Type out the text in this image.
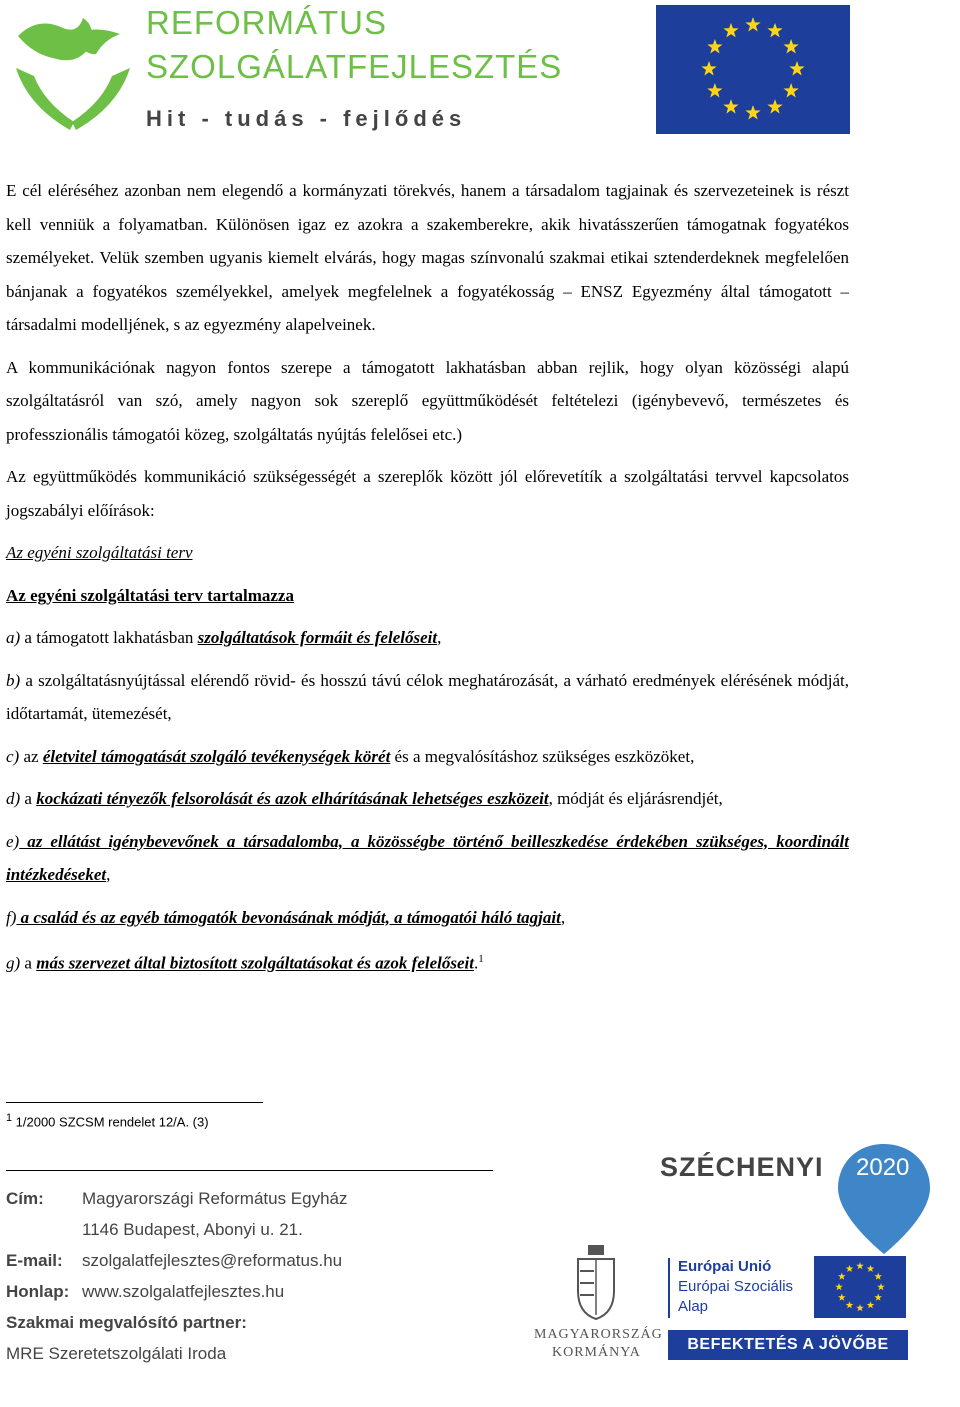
REFORMÁTUS
SZOLGÁLATFEJLESZTÉS
Hit - tudás - fejlődés

E cél eléréséhez azonban nem elegendő a kormányzati törekvés, hanem a társadalom tagjainak és szervezeteinek is részt kell venniük a folyamatban. Különösen igaz ez azokra a szakemberekre, akik hivatásszerűen támogatnak fogyatékos személyeket. Velük szemben ugyanis kiemelt elvárás, hogy magas színvonalú szakmai etikai sztenderdeknek megfelelően bánjanak a fogyatékos személyekkel, amelyek megfelelnek a fogyatékosság – ENSZ Egyezmény által támogatott – társadalmi modelljének, s az egyezmény alapelveinek.

A kommunikációnak nagyon fontos szerepe a támogatott lakhatásban abban rejlik, hogy olyan közösségi alapú szolgáltatásról van szó, amely nagyon sok szereplő együttműködését feltételezi (igénybevevő, természetes és professzionális támogatói közeg, szolgáltatás nyújtás felelősei etc.)

Az együttműködés kommunikáció szükségességét a szereplők között jól előrevetítík a szolgáltatási tervvel kapcsolatos jogszabályi előírások:

Az egyéni szolgáltatási terv

Az egyéni szolgáltatási terv tartalmazza

a) a támogatott lakhatásban szolgáltatások formáit és felelőseit,

b) a szolgáltatásnyújtással elérendő rövid- és hosszú távú célok meghatározását, a várható eredmények elérésének módját, időtartamát, ütemezését,

c) az életvitel támogatását szolgáló tevékenységek körét és a megvalósításhoz szükséges eszközöket,

d) a kockázati tényezők felsorolását és azok elhárításának lehetséges eszközeit, módját és eljárásrendjét,

e) az ellátást igénybevevőnek a társadalomba, a közösségbe történő beilleszkedése érdekében szükséges, koordinált intézkedéseket,

f) a család és az egyéb támogatók bevonásának módját, a támogatói háló tagjait,

g) a más szervezet által biztosított szolgáltatásokat és azok felelőseit.$^1$

$^1$ 1/2000 SZCSM rendelet 12/A. (3)
Cím: Magyarországi Református Egyház
1146 Budapest, Abonyi u. 21.
E-mail: szolgalatfejlesztes@reformatus.hu
Honlap: www.szolgalatfejlesztes.hu
Szakmai megvalósító partner:
MRE Szeretetszolgálati Iroda
SZÉCHENYI 2020
MAGYARORSZÁG
KORMÁNYA
Európai Unió
Európai Szociális
Alap
BEFEKTETÉS A JÖVŐBE
